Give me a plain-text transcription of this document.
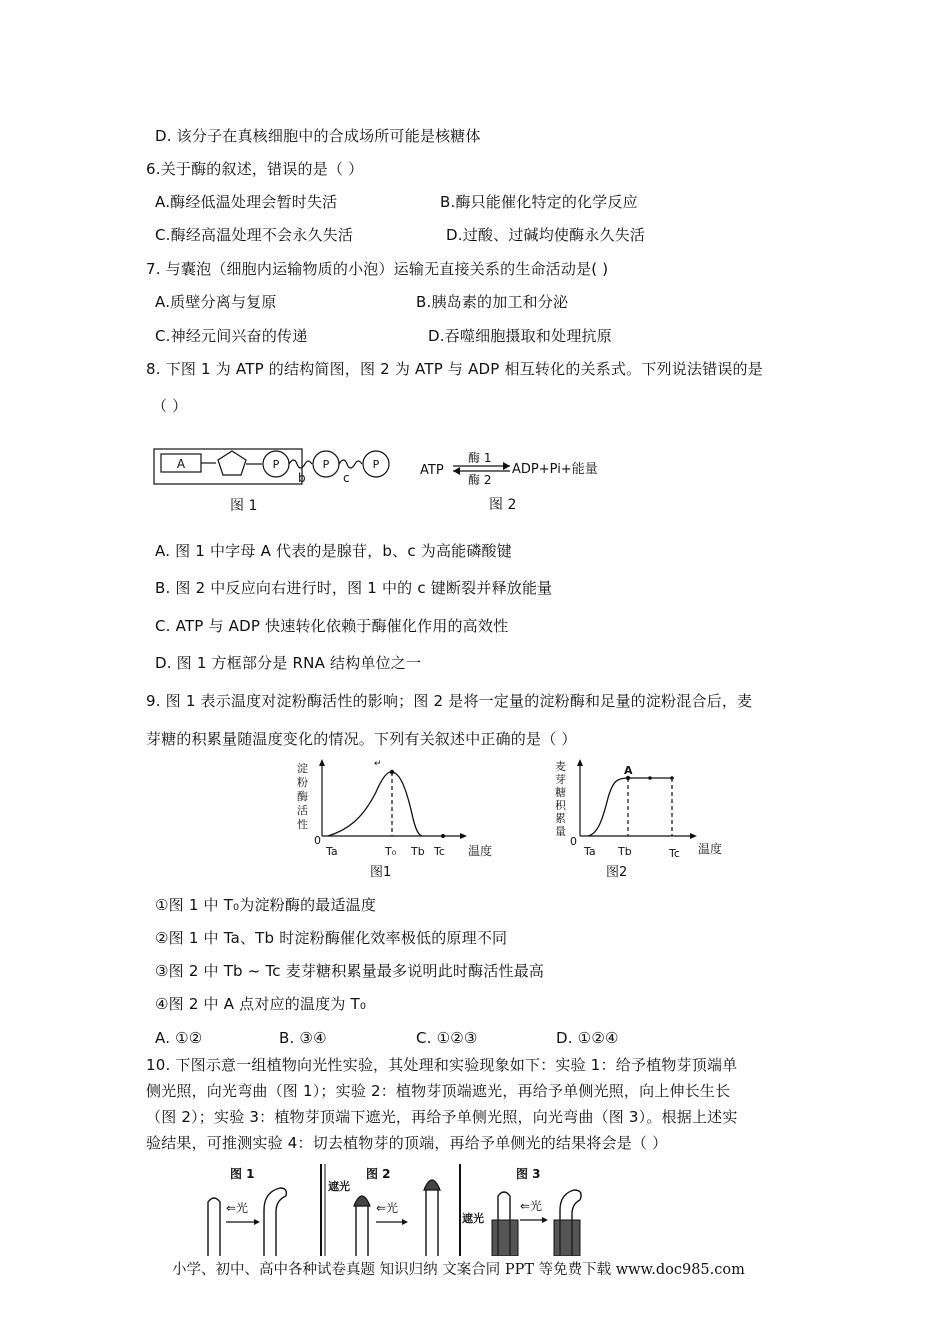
D. 该分子在真核细胞中的合成场所可能是核糖体
6.关于酶的叙述，错误的是（ ）
A.酶经低温处理会暂时失活	B.酶只能催化特定的化学反应
C.酶经高温处理不会永久失活	D.过酸、过碱均使酶永久失活
7. 与囊泡（细胞内运输物质的小泡）运输无直接关系的生命活动是( )
A.质壁分离与复原	B.胰岛素的加工和分泌
C.神经元间兴奋的传递	D.吞噬细胞摄取和处理抗原
8. 下图 1 为 ATP 的结构简图，图 2 为 ATP 与 ADP 相互转化的关系式。下列说法错误的是
（ ）
A	P
b
P
c
P
图 1
ATP
酶 1
酶 2
ADP+Pi+能量
图 2
A. 图 1 中字母 A 代表的是腺苷，b、c 为高能磷酸键
B. 图 2 中反应向右进行时，图 1 中的 c 键断裂并释放能量
C. ATP 与 ADP 快速转化依赖于酶催化作用的高效性
D. 图 1 方框部分是 RNA 结构单位之一
9. 图 1 表示温度对淀粉酶活性的影响；图 2 是将一定量的淀粉酶和足量的淀粉混合后，麦
芽糖的积累量随温度变化的情况。下列有关叙述中正确的是（ ）
淀
粉
酶
活
性
0
↵
Ta	T₀ Tb Tc 温度
图1
麦
芽
糖
积
累
量
0
A
Ta Tb	Tc 温度
图2
①图 1 中 T₀为淀粉酶的最适温度
②图 1 中 Ta、Tb 时淀粉酶催化效率极低的原理不同
③图 2 中 Tb ~ Tc 麦芽糖积累量最多说明此时酶活性最高
④图 2 中 A 点对应的温度为 T₀
A. ①②	B. ③④	C. ①②③	D. ①②④
10. 下图示意一组植物向光性实验，其处理和实验现象如下：实验 1：给予植物芽顶端单
侧光照，向光弯曲（图 1）；实验 2：植物芽顶端遮光，再给予单侧光照，向上伸长生长
（图 2）；实验 3：植物芽顶端下遮光，再给予单侧光照，向光弯曲（图 3）。根据上述实
验结果，可推测实验 4：切去植物芽的顶端，再给予单侧光的结果将会是（ ）
图 1
⇐光
图 2
遮光
⇐光
图 3
遮光
⇐光
小学、初中、高中各种试卷真题 知识归纳 文案合同 PPT 等免费下载 www.doc985.com
